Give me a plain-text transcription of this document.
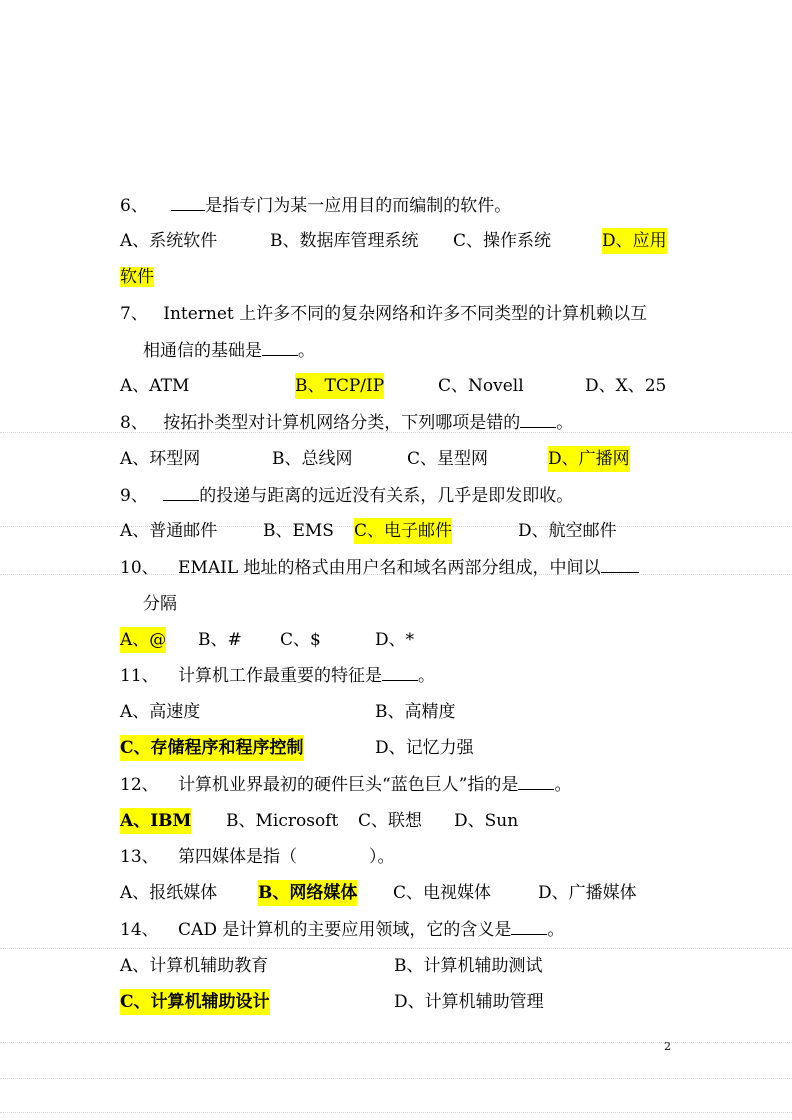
6、	是指专门为某一应用目的而编制的软件。
A、系统软件	B、数据库管理系统 C、操作系统	D、应用
软件
7、 Internet 上许多不同的复杂网络和许多不同类型的计算机赖以互
相通信的基础是 。
A、ATM	B、TCP/IP	C、Novell	D、X、25
8、 按拓扑类型对计算机网络分类，下列哪项是错的 。
A、环型网	B、总线网	C、星型网	D、广播网
9、	的投递与距离的远近没有关系，几乎是即发即收。
A、普通邮件	B、EMS C、电子邮件	D、航空邮件
10、 EMAIL 地址的格式由用户名和域名两部分组成，中间以
分隔
A、@ B、# C、$	D、*
11、 计算机工作最重要的特征是 。
A、高速度	B、高精度
C、存储程序和程序控制	D、记忆力强
12、 计算机业界最初的硬件巨头“蓝色巨人”指的是 。
A、IBM B、Microsoft C、联想 D、Sun
13、 第四媒体是指（	）。
A、报纸媒体 B、网络媒体 C、电视媒体	D、广播媒体
14、 CAD 是计算机的主要应用领域，它的含义是 。
A、计算机辅助教育	B、计算机辅助测试
C、计算机辅助设计	D、计算机辅助管理
2
